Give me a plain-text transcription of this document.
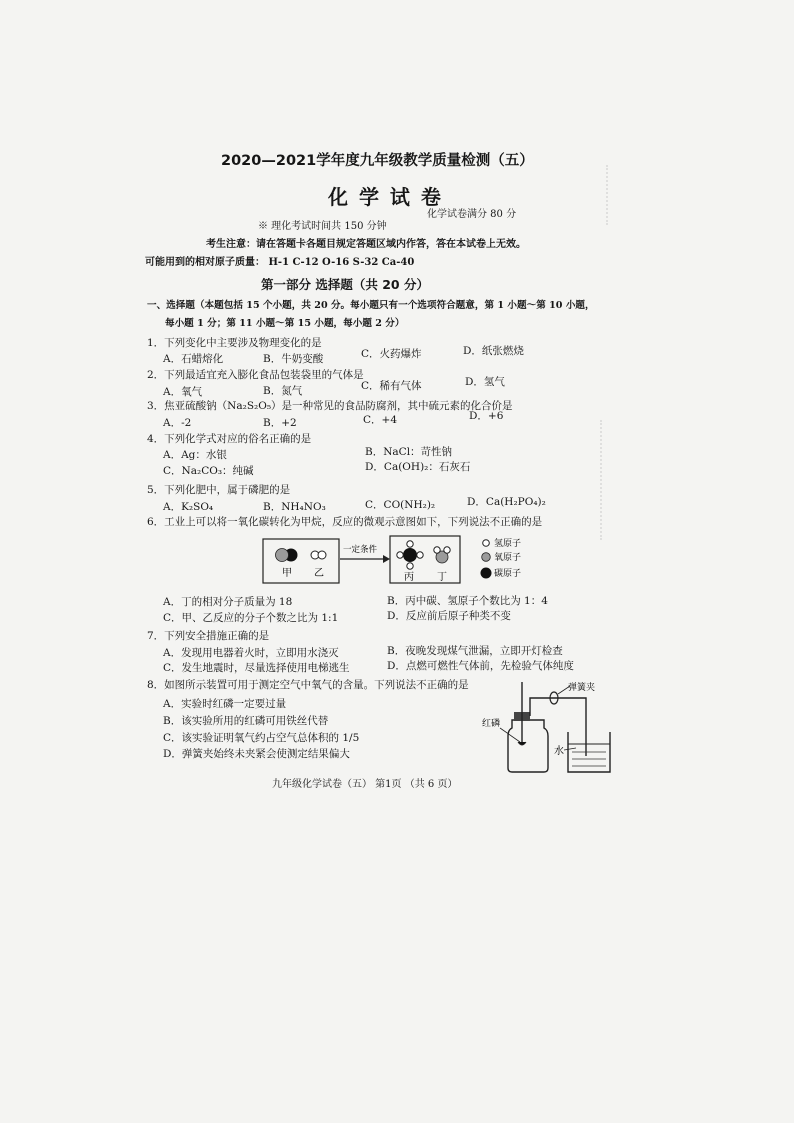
2020—2021学年度九年级教学质量检测（五）
化 学 试 卷
※ 理化考试时间共 150 分钟
化学试卷满分 80 分
考生注意：请在答题卡各题目规定答题区域内作答，答在本试卷上无效。
可能用到的相对原子质量： H-1 C-12 O-16 S-32 Ca-40
第一部分 选择题（共 20 分）
一、选择题（本题包括 15 个小题，共 20 分。每小题只有一个选项符合题意，第 1 小题～第 10 小题，
每小题 1 分；第 11 小题～第 15 小题，每小题 2 分）
1．下列变化中主要涉及物理变化的是
A．石蜡熔化	B．牛奶变酸	C．火药爆炸	D．纸张燃烧
2．下列最适宜充入膨化食品包装袋里的气体是
A．氧气	B．氮气	C．稀有气体	D．氢气
3．焦亚硫酸钠（Na₂S₂O₅）是一种常见的食品防腐剂，其中硫元素的化合价是
A．-2	B．+2	C．+4	D．+6
4．下列化学式对应的俗名正确的是
A．Ag：水银	B．NaCl：苛性钠
C．Na₂CO₃：纯碱	D．Ca(OH)₂：石灰石
5．下列化肥中，属于磷肥的是
A．K₂SO₄	B．NH₄NO₃	C．CO(NH₂)₂	D．Ca(H₂PO₄)₂
6．工业上可以将一氧化碳转化为甲烷，反应的微观示意图如下，下列说法不正确的是
甲 乙
一定条件
丙 丁
氢原子
氧原子
碳原子
A．丁的相对分子质量为 18	B．丙中碳、氢原子个数比为 1：4
C．甲、乙反应的分子个数之比为 1:1	D．反应前后原子种类不变
7．下列安全措施正确的是
A．发现用电器着火时，立即用水浇灭	B．夜晚发现煤气泄漏，立即开灯检查
C．发生地震时，尽量选择使用电梯逃生	D．点燃可燃性气体前，先检验气体纯度
8．如图所示装置可用于测定空气中氧气的含量。下列说法不正确的是
A．实验时红磷一定要过量
B．该实验所用的红磷可用铁丝代替
C．该实验证明氧气约占空气总体积的 1/5
D．弹簧夹始终未夹紧会使测定结果偏大
弹簧夹
水
红磷
九年级化学试卷（五） 第1页 （共 6 页）
